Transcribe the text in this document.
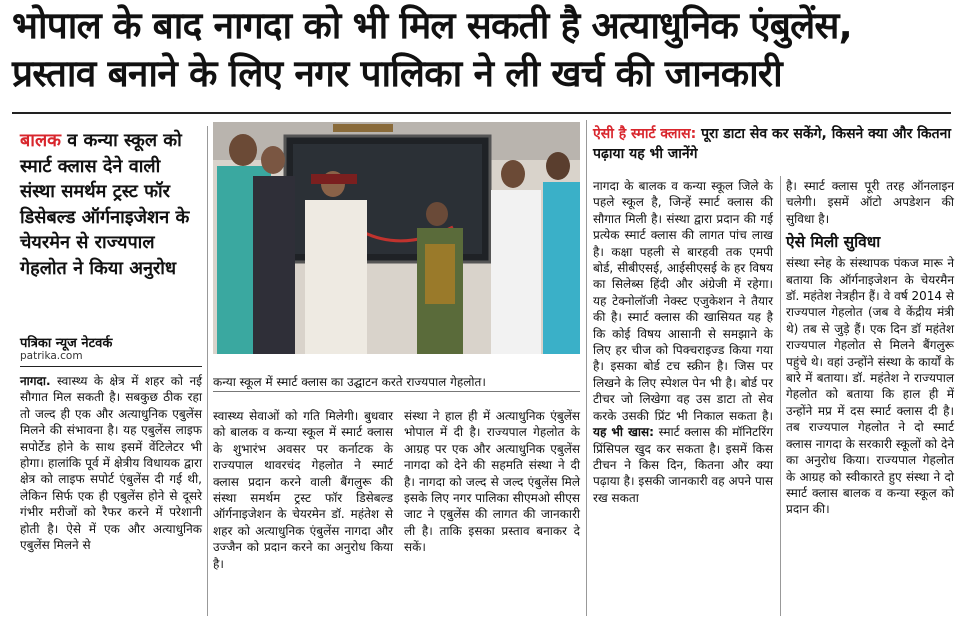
भोपाल के बाद नागदा को भी मिल सकती है अत्याधुनिक एंबुलेंस,
प्रस्ताव बनाने के लिए नगर पालिका ने ली खर्च की जानकारी
बालक व कन्या स्कूल को स्मार्ट क्लास देने वाली संस्था समर्थम ट्रस्ट फॉर डिसेबल्ड ऑर्गनाइजेशन के चेयरमेन से राज्यपाल गेहलोत ने किया अनुरोध
पत्रिका न्यूज नेटवर्क
patrika.com
कन्या स्कूल में स्मार्ट क्लास का उद्घाटन करते राज्यपाल गेहलोत।
नागदा. स्वास्थ्य के क्षेत्र में शहर को नई सौगात मिल सकती है। सबकुछ ठीक रहा तो जल्द ही एक और अत्याधुनिक एबुलेंस मिलने की संभावना है। यह एबुलेंस लाइफ सपोर्टेड होने के साथ इसमें वेंटिलेटर भी होगा। हालांकि पूर्व में क्षेत्रीय विधायक द्वारा क्षेत्र को लाइफ सपोर्ट एंबुलेंस दी गई थी, लेकिन सिर्फ एक ही एबुलेंस होने से दूसरे गंभीर मरीजों को रैफर करने में परेशानी होती है। ऐसे में एक और अत्याधुनिक एबुलेंस मिलने से
स्वास्थ्य सेवाओं को गति मिलेगी। बुधवार को बालक व कन्या स्कूल में स्मार्ट क्लास के शुभारंभ अवसर पर कर्नाटक के राज्यपाल थावरचंद गेहलोत ने स्मार्ट क्लास प्रदान करने वाली बैंगलुरू की संस्था समर्थम ट्रस्ट फॉर डिसेबल्ड ऑर्गनाइजेशन के चेयरमेन डॉ. महंतेश से शहर को अत्याधुनिक एंबुलेंस नागदा और उज्जैन को प्रदान करने का अनुरोध किया है।
संस्था ने हाल ही में अत्याधुनिक एंबुलेंस भोपाल में दी है। राज्यपाल गेहलोत के आग्रह पर एक और अत्याधुनिक एबुलेंस नागदा को देने की सहमति संस्था ने दी है। नागदा को जल्द से जल्द एंबुलेंस मिले इसके लिए नगर पालिका सीएमओ सीएस जाट ने एबुलेंस की लागत की जानकारी ली है। ताकि इसका प्रस्ताव बनाकर दे सकें।
ऐसी है स्मार्ट क्लास: पूरा डाटा सेव कर सकेंगे, किसने क्या और कितना पढ़ाया यह भी जानेंगे
नागदा के बालक व कन्या स्कूल जिले के पहले स्कूल है, जिन्हें स्मार्ट क्लास की सौगात मिली है। संस्था द्वारा प्रदान की गई प्रत्येक स्मार्ट क्लास की लागत पांच लाख है। कक्षा पहली से बारहवी तक एमपी बोर्ड, सीबीएसई, आईसीएसई के हर विषय का सिलेब्स हिंदी और अंग्रेजी में रहेगा। यह टेक्नोलॉजी नेक्स्ट एजुकेशन ने तैयार की है। स्मार्ट क्लास की खासियत यह है कि कोई विषय आसानी से समझाने के लिए हर चीज को पिक्चराइज्ड किया गया है। इसका बोर्ड टच स्क्रीन है। जिस पर लिखने के लिए स्पेशल पेन भी है। बोर्ड पर टीचर जो लिखेगा वह उस डाटा तो सेव करके उसकी प्रिंट भी निकाल सकता है। यह भी खास: स्मार्ट क्लास की मॉनिटरिंग प्रिंसिपल खुद कर सकता है। इसमें किस टीचन ने किस दिन, कितना और क्या पढ़ाया है। इसकी जानकारी वह अपने पास रख सकता
है। स्मार्ट क्लास पूरी तरह ऑनलाइन चलेगी। इसमें ऑटो अपडेशन की सुविधा है।
ऐसे मिली सुविधा
संस्था स्नेह के संस्थापक पंकज मारू ने बताया कि ऑर्गनाइजेशन के चेयरमैन डॉ. महंतेश नेत्रहीन हैं। वे वर्ष 2014 से राज्यपाल गेहलोत (जब वे केंद्रीय मंत्री थे) तब से जुड़े हैं। एक दिन डॉ महंतेश राज्यपाल गेहलोत से मिलने बैंगलुरू पहुंचे थे। वहां उन्होंने संस्था के कार्यों के बारे में बताया। डॉ. महंतेश ने राज्यपाल गेहलोत को बताया कि हाल ही में उन्होंने मप्र में दस स्मार्ट क्लास दी है। तब राज्यपाल गेहलोत ने दो स्मार्ट क्लास नागदा के सरकारी स्कूलों को देने का अनुरोध किया। राज्यपाल गेहलोत के आग्रह को स्वीकारते हुए संस्था ने दो स्मार्ट क्लास बालक व कन्या स्कूल को प्रदान की।
